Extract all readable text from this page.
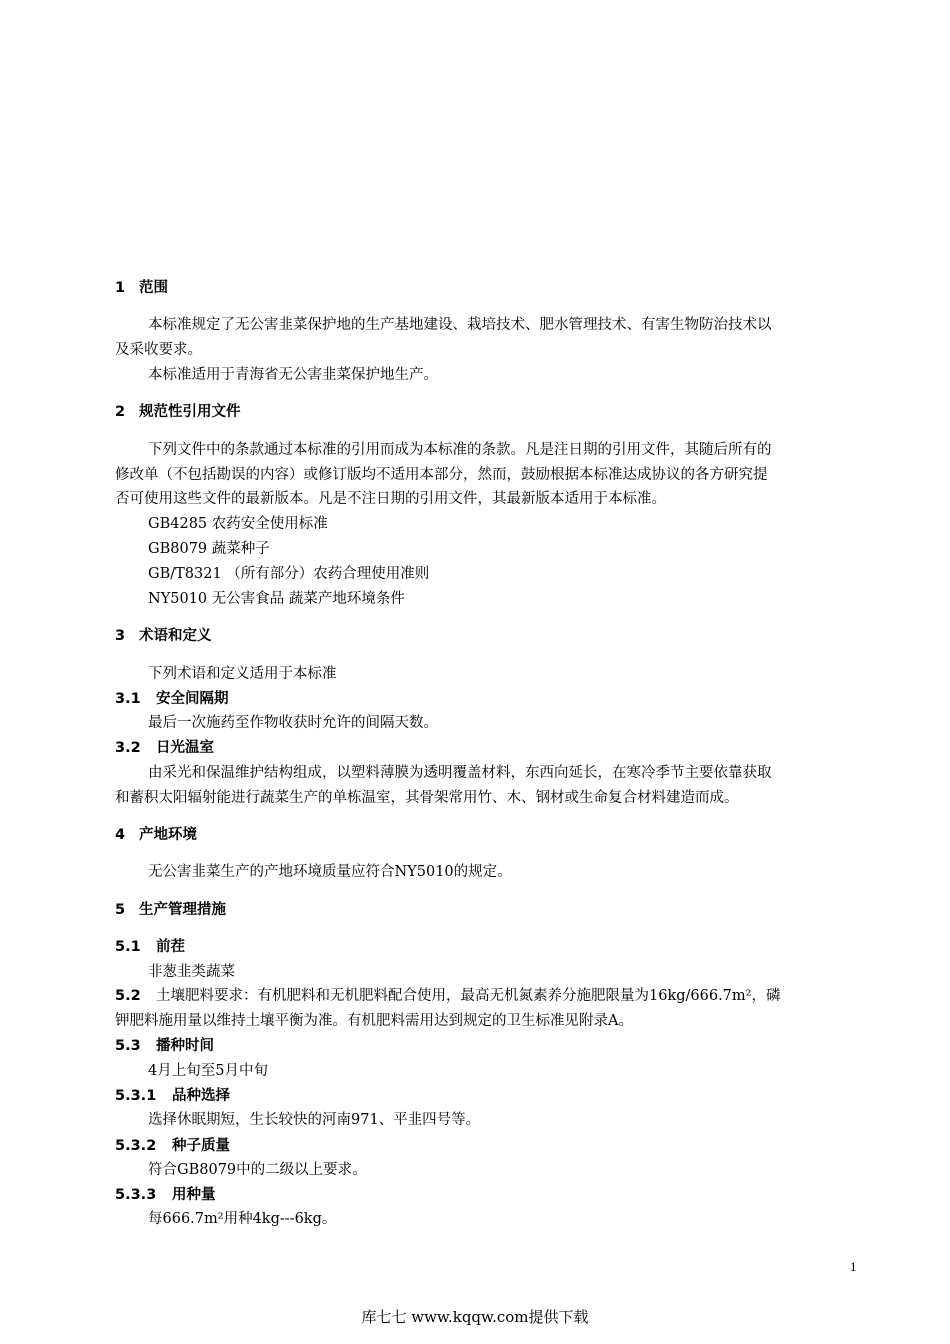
1 范围
本标准规定了无公害韭菜保护地的生产基地建设、栽培技术、肥水管理技术、有害生物防治技术以
及采收要求。
本标准适用于青海省无公害韭菜保护地生产。
2 规范性引用文件
下列文件中的条款通过本标准的引用而成为本标准的条款。凡是注日期的引用文件，其随后所有的
修改单（不包括勘误的内容）或修订版均不适用本部分，然而，鼓励根据本标准达成协议的各方研究提
否可使用这些文件的最新版本。凡是不注日期的引用文件，其最新版本适用于本标准。
GB4285 农药安全使用标准
GB8079 蔬菜种子
GB/T8321 （所有部分）农药合理使用准则
NY5010 无公害食品 蔬菜产地环境条件
3 术语和定义
下列术语和定义适用于本标准
3.1 安全间隔期
最后一次施药至作物收获时允许的间隔天数。
3.2 日光温室
由采光和保温维护结构组成，以塑料薄膜为透明覆盖材料，东西向延长，在寒冷季节主要依靠获取
和蓄积太阳辐射能进行蔬菜生产的单栋温室，其骨架常用竹、木、钢材或生命复合材料建造而成。
4 产地环境
无公害韭菜生产的产地环境质量应符合NY5010的规定。
5 生产管理措施
5.1 前茬
非葱韭类蔬菜
5.2 土壤肥料要求：有机肥料和无机肥料配合使用，最高无机氮素养分施肥限量为16kg/666.7m²，磷
钾肥料施用量以维持土壤平衡为准。有机肥料需用达到规定的卫生标准见附录A。
5.3 播种时间
4月上旬至5月中旬
5.3.1 品种选择
选择休眠期短，生长较快的河南971、平韭四号等。
5.3.2 种子质量
符合GB8079中的二级以上要求。
5.3.3 用种量
每666.7m²用种4kg---6kg。
1
库七七 www.kqqw.com提供下载
